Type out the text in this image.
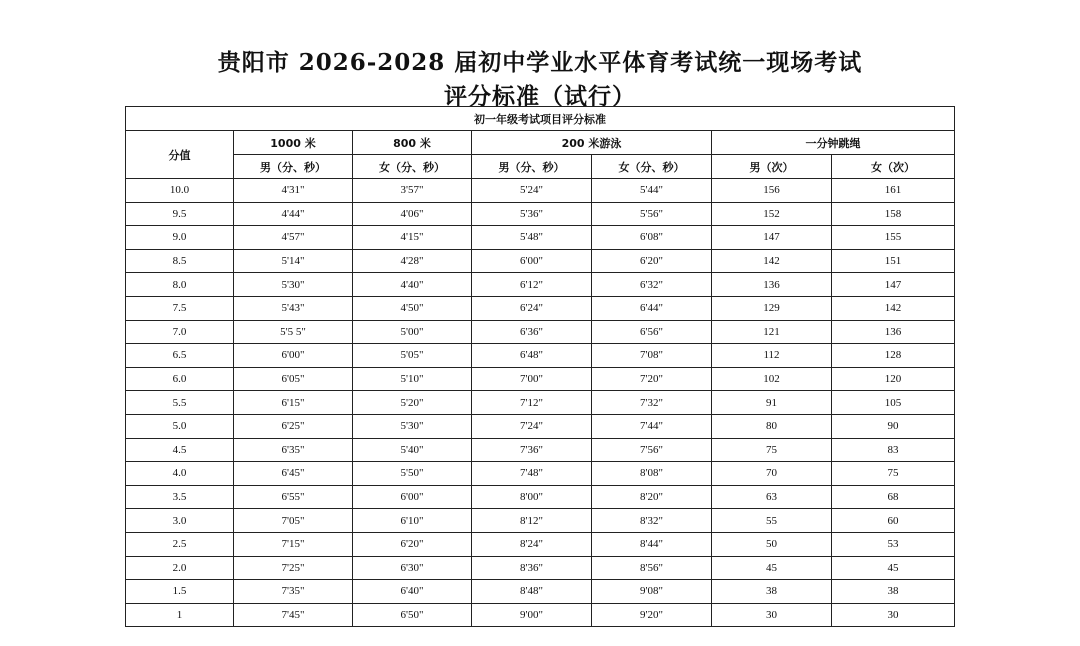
贵阳市 2026-2028 届初中学业水平体育考试统一现场考试
评分标准（试行）
初一年级考试项目评分标准						
分值	1000 米	800 米	200 米游泳		一分钟跳绳	
	男（分、秒）	女（分、秒）	男（分、秒）	女（分、秒）	男（次）	女（次）
10.0	4'31"	3'57"	5'24"	5'44"	156	161
9.5	4'44"	4'06"	5'36"	5'56"	152	158
9.0	4'57"	4'15"	5'48"	6'08"	147	155
8.5	5'14"	4'28"	6'00"	6'20"	142	151
8.0	5'30"	4'40"	6'12"	6'32"	136	147
7.5	5'43"	4'50"	6'24"	6'44"	129	142
7.0	5'5 5"	5'00"	6'36"	6'56"	121	136
6.5	6'00"	5'05"	6'48"	7'08"	112	128
6.0	6'05"	5'10"	7'00"	7'20"	102	120
5.5	6'15"	5'20"	7'12"	7'32"	91	105
5.0	6'25"	5'30"	7'24"	7'44"	80	90
4.5	6'35"	5'40"	7'36"	7'56"	75	83
4.0	6'45"	5'50"	7'48"	8'08"	70	75
3.5	6'55"	6'00"	8'00"	8'20"	63	68
3.0	7'05"	6'10"	8'12"	8'32"	55	60
2.5	7'15"	6'20"	8'24"	8'44"	50	53
2.0	7'25"	6'30"	8'36"	8'56"	45	45
1.5	7'35"	6'40"	8'48"	9'08"	38	38
1	7'45"	6'50"	9'00"	9'20"	30	30
